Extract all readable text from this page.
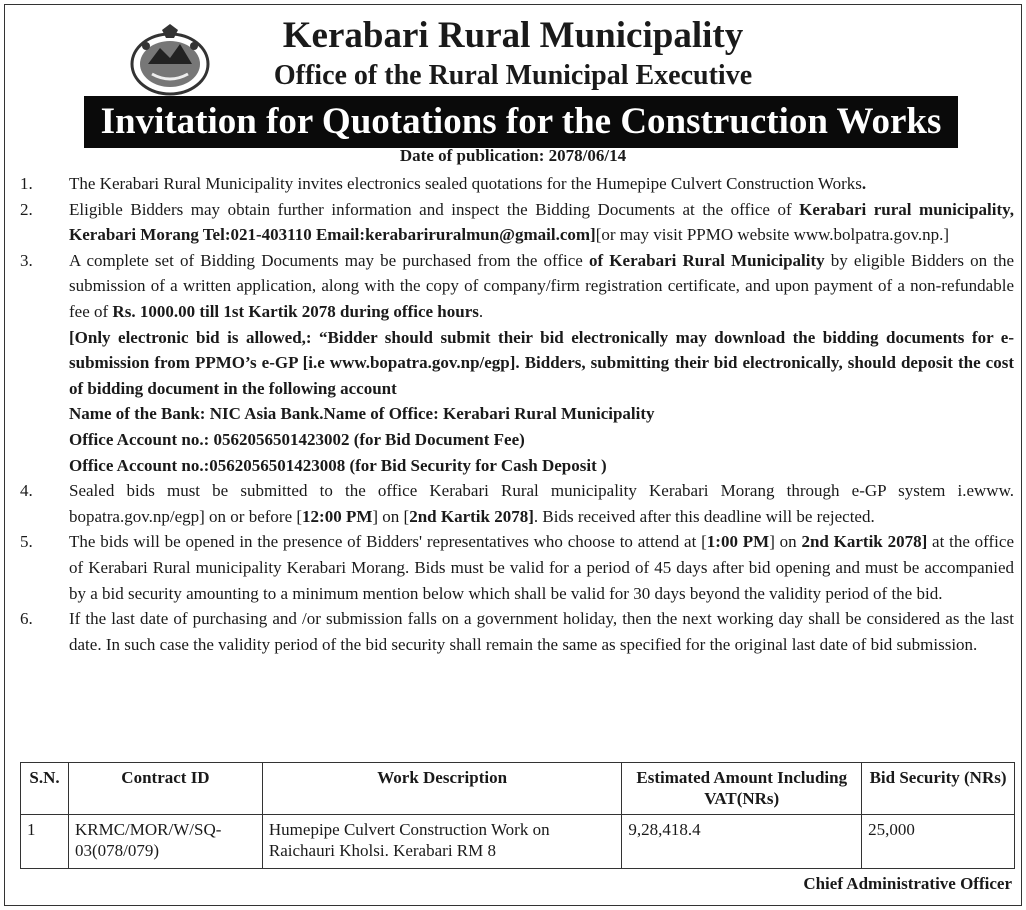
Kerabari Rural Municipality
Office of the Rural Municipal Executive
Invitation for Quotations for the Construction Works
Date of publication: 2078/06/14
1. The Kerabari Rural Municipality invites electronics sealed quotations for the Humepipe Culvert Construction Works.
2. Eligible Bidders may obtain further information and inspect the Bidding Documents at the office of Kerabari rural municipality, Kerabari Morang Tel:021-403110 Email:kerabariruralmun@gmail.com][or may visit PPMO website www.bolpatra.gov.np.]
3. A complete set of Bidding Documents may be purchased from the office of Kerabari Rural Municipality by eligible Bidders on the submission of a written application, along with the copy of company/firm registration certificate, and upon payment of a non-refundable fee of Rs. 1000.00 till 1st Kartik 2078 during office hours.
[Only electronic bid is allowed,: “Bidder should submit their bid electronically may download the bidding documents for e-submission from PPMO’s e-GP [i.e www.bopatra.gov.np/egp]. Bidders, submitting their bid electronically, should deposit the cost of bidding document in the following account
Name of the Bank: NIC Asia Bank.Name of Office: Kerabari Rural Municipality
Office Account no.: 0562056501423002 (for Bid Document Fee)
Office Account no.:0562056501423008 (for Bid Security for Cash Deposit )
4. Sealed bids must be submitted to the office Kerabari Rural municipality Kerabari Morang through e-GP system i.ewww. bopatra.gov.np/egp] on or before [12:00 PM] on [2nd Kartik 2078]. Bids received after this deadline will be rejected.
5. The bids will be opened in the presence of Bidders' representatives who choose to attend at [1:00 PM] on 2nd Kartik 2078] at the office of Kerabari Rural municipality Kerabari Morang. Bids must be valid for a period of 45 days after bid opening and must be accompanied by a bid security amounting to a minimum mention below which shall be valid for 30 days beyond the validity period of the bid.
6. If the last date of purchasing and /or submission falls on a government holiday, then the next working day shall be considered as the last date. In such case the validity period of the bid security shall remain the same as specified for the original last date of bid submission.
S.N.	Contract ID	Work Description	Estimated Amount Including VAT(NRs)	Bid Security (NRs)
1	KRMC/MOR/W/SQ-03(078/079)	Humepipe Culvert Construction Work on Raichauri Kholsi. Kerabari RM 8	9,28,418.4	25,000
Chief Administrative Officer
